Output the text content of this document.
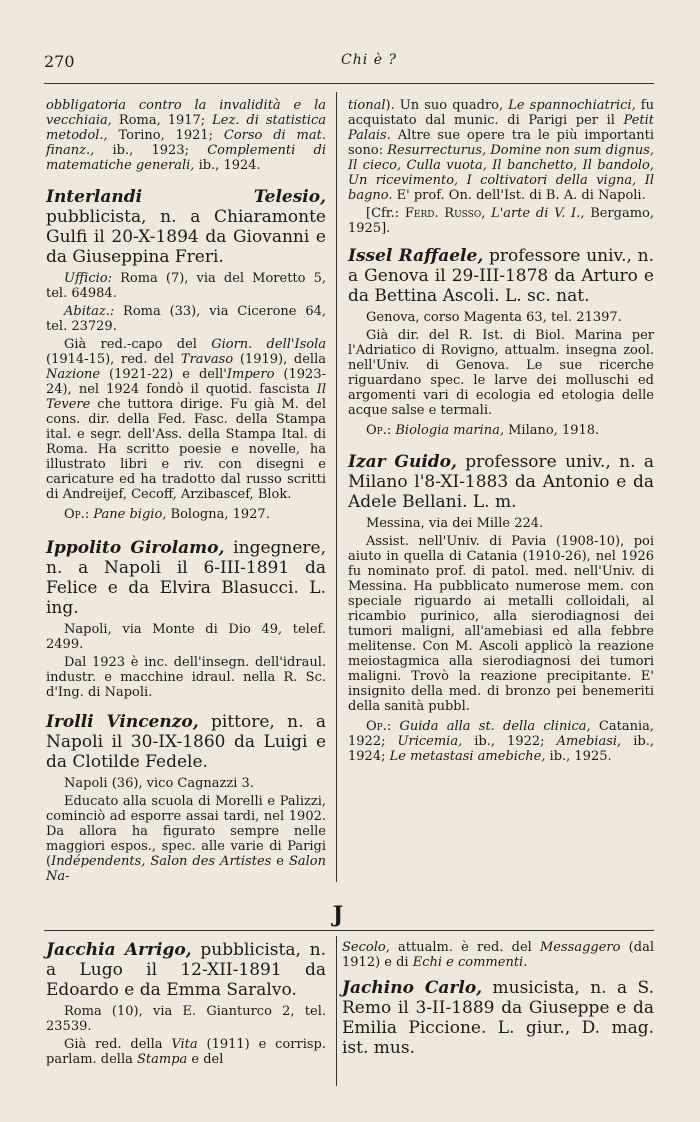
270	Chi è ?

obbligatoria contro la invalidità e la vecchiaia, Roma, 1917; Lez. di statistica metodol., Torino, 1921; Corso di mat. finanz., ib., 1923; Complementi di matematiche generali, ib., 1924.

Interlandi Telesio, pubblicista, n. a Chiaramonte Gulfi il 20-X-1894 da Giovanni e da Giuseppina Freri.

Ufficio: Roma (7), via del Moretto 5, tel. 64984.

Abitaz.: Roma (33), via Cicerone 64, tel. 23729.

Già red.-capo del Giorn. dell'Isola (1914-15), red. del Travaso (1919), della Nazione (1921-22) e dell'Impero (1923-24), nel 1924 fondò il quotid. fascista Il Tevere che tuttora dirige. Fu già M. del cons. dir. della Fed. Fasc. della Stampa ital. e segr. dell'Ass. della Stampa Ital. di Roma. Ha scritto poesie e novelle, ha illustrato libri e riv. con disegni e caricature ed ha tradotto dal russo scritti di Andreijef, Cecoff, Arzibascef, Blok.

Op.: Pane bigio, Bologna, 1927.

Ippolito Girolamo, ingegnere, n. a Napoli il 6-III-1891 da Felice e da Elvira Blasucci. L. ing.

Napoli, via Monte di Dio 49, telef. 2499.

Dal 1923 è inc. dell'insegn. dell'idraul. industr. e macchine idraul. nella R. Sc. d'Ing. di Napoli.

Irolli Vincenzo, pittore, n. a Napoli il 30-IX-1860 da Luigi e da Clotilde Fedele.

Napoli (36), vico Cagnazzi 3.

Educato alla scuola di Morelli e Palizzi, cominciò ad esporre assai tardi, nel 1902. Da allora ha figurato sempre nelle maggiori espos., spec. alle varie di Parigi (Indépendents, Salon des Artistes e Salon Na-

tional). Un suo quadro, Le spannochiatrici, fu acquistato dal munic. di Parigi per il Petit Palais. Altre sue opere tra le più importanti sono: Resurrecturus, Domine non sum dignus, Il cieco, Culla vuota, Il banchetto, Il bandolo, Un ricevimento, I coltivatori della vigna, Il bagno. E' prof. On. dell'Ist. di B. A. di Napoli.

[Cfr.: Ferd. Russo, L'arte di V. I., Bergamo, 1925].

Issel Raffaele, professore univ., n. a Genova il 29-III-1878 da Arturo e da Bettina Ascoli. L. sc. nat.

Genova, corso Magenta 63, tel. 21397.

Già dir. del R. Ist. di Biol. Marina per l'Adriatico di Rovigno, attualm. insegna zool. nell'Univ. di Genova. Le sue ricerche riguardano spec. le larve dei molluschi ed argomenti vari di ecologia ed etologia delle acque salse e termali.

Op.: Biologia marina, Milano, 1918.

Izar Guido, professore univ., n. a Milano l'8-XI-1883 da Antonio e da Adele Bellani. L. m.

Messina, via dei Mille 224.

Assist. nell'Univ. di Pavia (1908-10), poi aiuto in quella di Catania (1910-26), nel 1926 fu nominato prof. di patol. med. nell'Univ. di Messina. Ha pubblicato numerose mem. con speciale riguardo ai metalli colloidali, al ricambio purinico, alla sierodiagnosi dei tumori maligni, all'amebiasi ed alla febbre melitense. Con M. Ascoli applicò la reazione meiostagmica alla sierodiagnosi dei tumori maligni. Trovò la reazione precipitante. E' insignito della med. di bronzo pei benemeriti della sanità pubbl.

Op.: Guida alla st. della clinica, Catania, 1922; Uricemia, ib., 1922; Amebiasi, ib., 1924; Le metastasi amebiche, ib., 1925.

J

Jacchia Arrigo, pubblicista, n. a Lugo il 12-XII-1891 da Edoardo e da Emma Saralvo.

Roma (10), via E. Gianturco 2, tel. 23539.

Già red. della Vita (1911) e corrisp. parlam. della Stampa e del

Secolo, attualm. è red. del Messaggero (dal 1912) e di Echi e commenti.

Jachino Carlo, musicista, n. a S. Remo il 3-II-1889 da Giuseppe e da Emilia Piccione. L. giur., D. mag. ist. mus.
